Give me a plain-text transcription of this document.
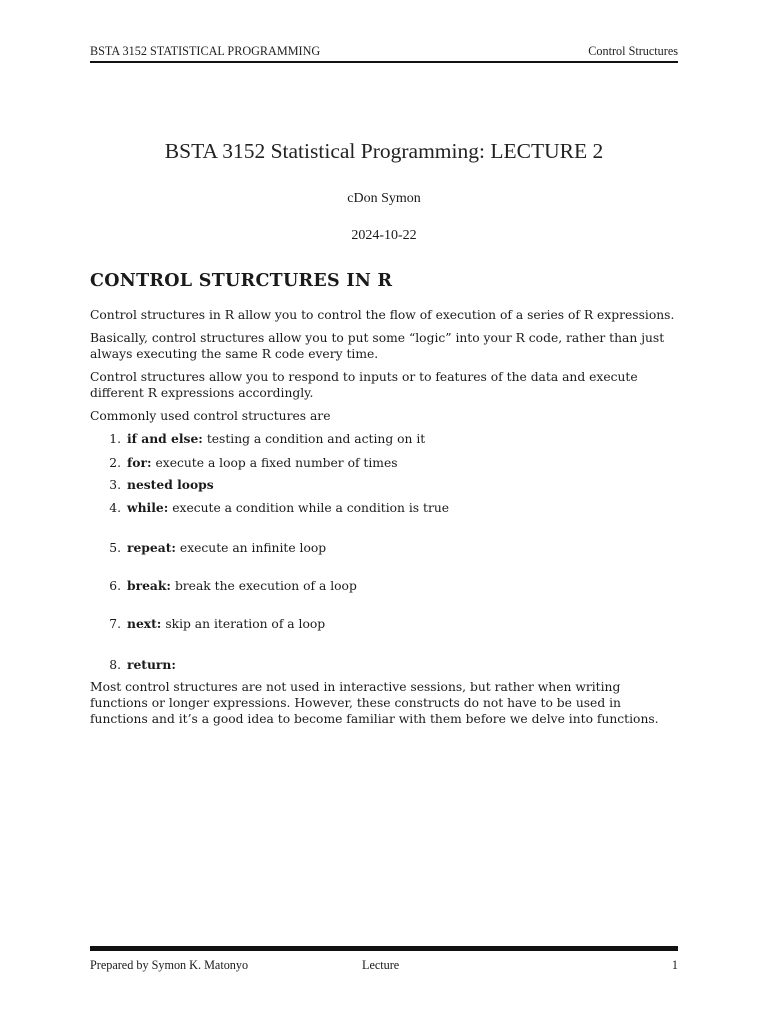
BSTA 3152 STATISTICAL PROGRAMMING	Control Structures
BSTA 3152 Statistical Programming: LECTURE 2
cDon Symon
2024-10-22
CONTROL STURCTURES IN R

Control structures in R allow you to control the flow of execution of a series of R expressions.

Basically, control structures allow you to put some “logic” into your R code, rather than just always executing the same R code every time.

Control structures allow you to respond to inputs or to features of the data and execute different R expressions accordingly.

Commonly used control structures are

1. if and else: testing a condition and acting on it
2. for: execute a loop a fixed number of times
3. nested loops
4. while: execute a condition while a condition is true
5. repeat: execute an infinite loop
6. break: break the execution of a loop
7. next: skip an iteration of a loop
8. return:

Most control structures are not used in interactive sessions, but rather when writing functions or longer expressions. However, these constructs do not have to be used in functions and it’s a good idea to become familiar with them before we delve into functions.

Prepared by Symon K. Matonyo	Lecture	1
